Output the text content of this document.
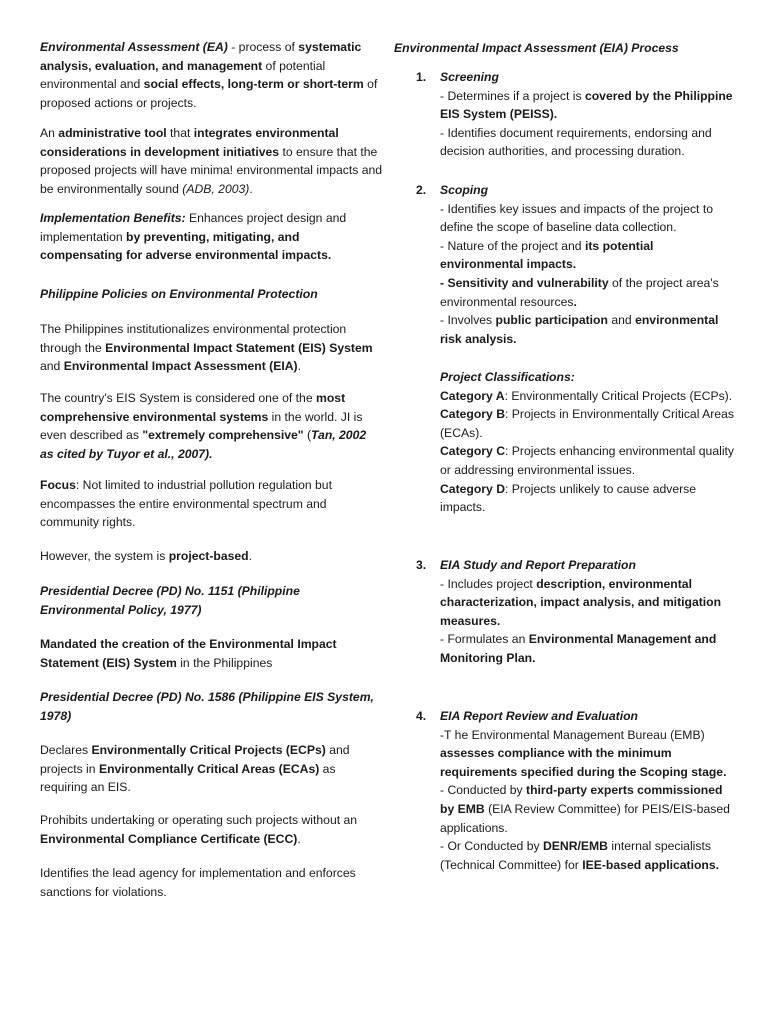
Environmental Assessment (EA) - process of systematic analysis, evaluation, and management of potential environmental and social effects, long-term or short-term of proposed actions or projects.

An administrative tool that integrates environmental considerations in development initiatives to ensure that the proposed projects will have minima! environmental impacts and be environmentally sound (ADB, 2003).

Implementation Benefits: Enhances project design and implementation by preventing, mitigating, and compensating for adverse environmental impacts.

Philippine Policies on Environmental Protection

The Philippines institutionalizes environmental protection through the Environmental Impact Statement (EIS) System and Environmental Impact Assessment (EIA).

The country's EIS System is considered one of the most comprehensive environmental systems in the world. JI is even described as "extremely comprehensive" (Tan, 2002
as cited by Tuyor et al., 2007).

Focus: Not limited to industrial pollution regulation but encompasses the entire environmental spectrum and community rights.

However, the system is project-based.

Presidential Decree (PD) No. 1151 (Philippine Environmental Policy, 1977)

Mandated the creation of the Environmental Impact Statement (EIS) System in the Philippines

Presidential Decree (PD) No. 1586 (Philippine EIS System, 1978)

Declares Environmentally Critical Projects (ECPs) and projects in Environmentally Critical Areas (ECAs) as requiring an EIS.

Prohibits undertaking or operating such projects without an Environmental Compliance Certificate (ECC).

Identifies the lead agency for implementation and enforces sanctions for violations.

Environmental Impact Assessment (EIA) Process

1. Screening

- Determines if a project is covered by the Philippine EIS System (PEISS).

- Identifies document requirements, endorsing and decision authorities, and processing duration.

2. Scoping

- Identifies key issues and impacts of the project to define the scope of baseline data collection.

- Nature of the project and its potential environmental impacts.

- Sensitivity and vulnerability of the project area's environmental resources.

- Involves public participation and environmental risk analysis.

Project Classifications:

Category A: Environmentally Critical Projects (ECPs).

Category B: Projects in Environmentally Critical Areas (ECAs).

Category C: Projects enhancing environmental quality or addressing environmental issues.

Category D: Projects unlikely to cause adverse impacts.

3. EIA Study and Report Preparation

- Includes project description, environmental characterization, impact analysis, and mitigation measures.

- Formulates an Environmental Management and Monitoring Plan.

4. EIA Report Review and Evaluation

-T he Environmental Management Bureau (EMB) assesses compliance with the minimum requirements specified during the Scoping stage.

- Conducted by third-party experts commissioned by EMB (EIA Review Committee) for PEIS/EIS-based applications.

- Or Conducted by DENR/EMB internal specialists (Technical Committee) for IEE-based applications.
